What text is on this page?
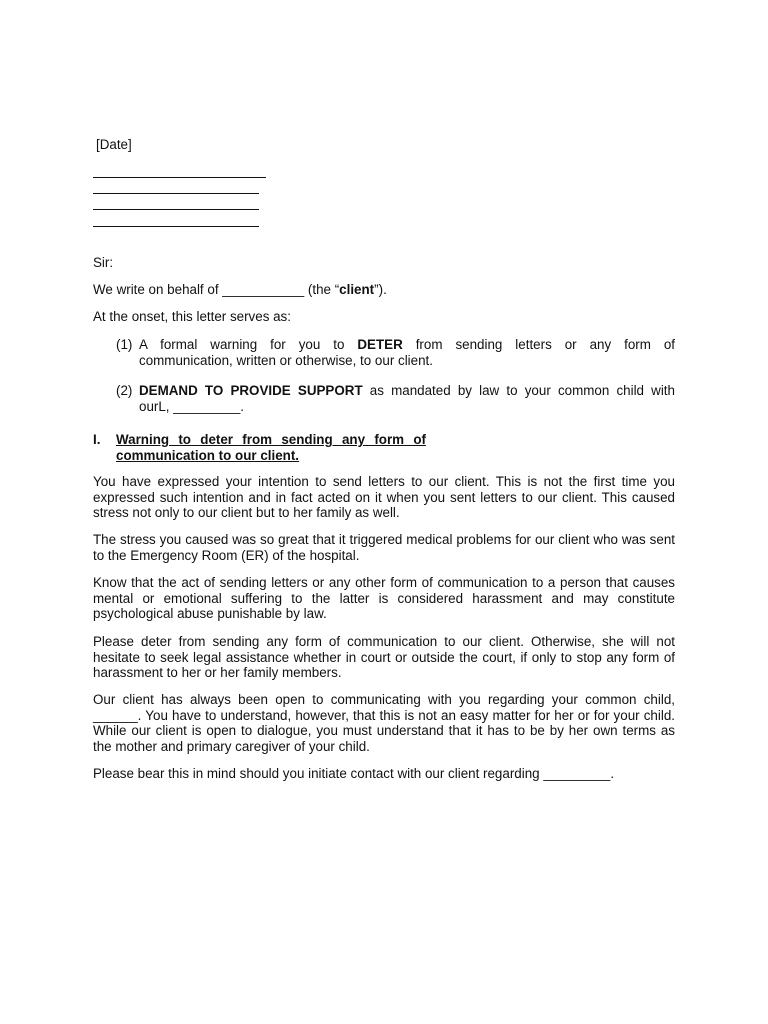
[Date]
Sir:
We write on behalf of ___________ (the “client”).
At the onset, this letter serves as:
(1) A formal warning for you to DETER from sending letters or any form of
communication, written or otherwise, to our client.
(2) DEMAND TO PROVIDE SUPPORT as mandated by law to your common child with
ourL, _________.
I. Warning to deter from sending any form of
communication to our client.
You have expressed your intention to send letters to our client. This is not the first time you expressed such intention and in fact acted on it when you sent letters to our client. This caused stress not only to our client but to her family as well.
The stress you caused was so great that it triggered medical problems for our client who was sent to the Emergency Room (ER) of the hospital.
Know that the act of sending letters or any other form of communication to a person that causes mental or emotional suffering to the latter is considered harassment and may constitute psychological abuse punishable by law.
Please deter from sending any form of communication to our client. Otherwise, she will not hesitate to seek legal assistance whether in court or outside the court, if only to stop any form of harassment to her or her family members.
Our client has always been open to communicating with you regarding your common child, ______. You have to understand, however, that this is not an easy matter for her or for your child. While our client is open to dialogue, you must understand that it has to be by her own terms as the mother and primary caregiver of your child.
Please bear this in mind should you initiate contact with our client regarding _________.
